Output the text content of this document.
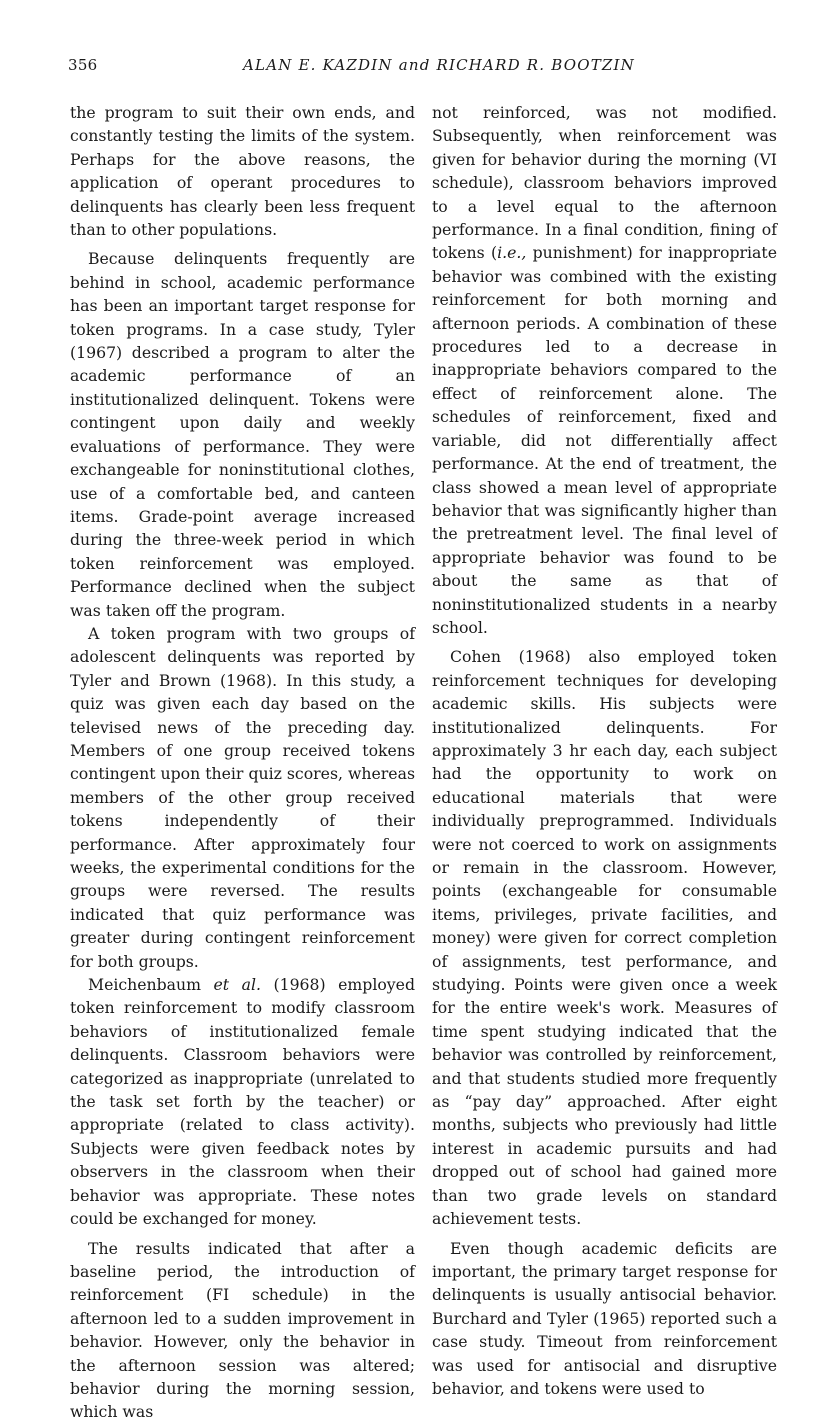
356	ALAN E. KAZDIN and RICHARD R. BOOTZIN

the program to suit their own ends, and constantly testing the limits of the system. Perhaps for the above reasons, the application of operant procedures to delinquents has clearly been less frequent than to other populations.

Because delinquents frequently are behind in school, academic performance has been an important target response for token programs. In a case study, Tyler (1967) described a program to alter the academic performance of an institutionalized delinquent. Tokens were contingent upon daily and weekly evaluations of performance. They were exchangeable for noninstitutional clothes, use of a comfortable bed, and canteen items. Grade-point average increased during the three-week period in which token reinforcement was employed. Performance declined when the subject was taken off the program.

A token program with two groups of adolescent delinquents was reported by Tyler and Brown (1968). In this study, a quiz was given each day based on the televised news of the preceding day. Members of one group received tokens contingent upon their quiz scores, whereas members of the other group received tokens independently of their performance. After approximately four weeks, the experimental conditions for the groups were reversed. The results indicated that quiz performance was greater during contingent reinforcement for both groups.

Meichenbaum et al. (1968) employed token reinforcement to modify classroom behaviors of institutionalized female delinquents. Classroom behaviors were categorized as inappropriate (unrelated to the task set forth by the teacher) or appropriate (related to class activity). Subjects were given feedback notes by observers in the classroom when their behavior was appropriate. These notes could be exchanged for money.

The results indicated that after a baseline period, the introduction of reinforcement (FI schedule) in the afternoon led to a sudden improvement in behavior. However, only the behavior in the afternoon session was altered; behavior during the morning session, which was

not reinforced, was not modified. Subsequently, when reinforcement was given for behavior during the morning (VI schedule), classroom behaviors improved to a level equal to the afternoon performance. In a final condition, fining of tokens (i.e., punishment) for inappropriate behavior was combined with the existing reinforcement for both morning and afternoon periods. A combination of these procedures led to a decrease in inappropriate behaviors compared to the effect of reinforcement alone. The schedules of reinforcement, fixed and variable, did not differentially affect performance. At the end of treatment, the class showed a mean level of appropriate behavior that was significantly higher than the pretreatment level. The final level of appropriate behavior was found to be about the same as that of noninstitutionalized students in a nearby school.

Cohen (1968) also employed token reinforcement techniques for developing academic skills. His subjects were institutionalized delinquents. For approximately 3 hr each day, each subject had the opportunity to work on educational materials that were individually preprogrammed. Individuals were not coerced to work on assignments or remain in the classroom. However, points (exchangeable for consumable items, privileges, private facilities, and money) were given for correct completion of assignments, test performance, and studying. Points were given once a week for the entire week's work. Measures of time spent studying indicated that the behavior was controlled by reinforcement, and that students studied more frequently as “pay day” approached. After eight months, subjects who previously had little interest in academic pursuits and had dropped out of school had gained more than two grade levels on standard achievement tests.

Even though academic deficits are important, the primary target response for delinquents is usually antisocial behavior. Burchard and Tyler (1965) reported such a case study. Timeout from reinforcement was used for antisocial and disruptive behavior, and tokens were used to
